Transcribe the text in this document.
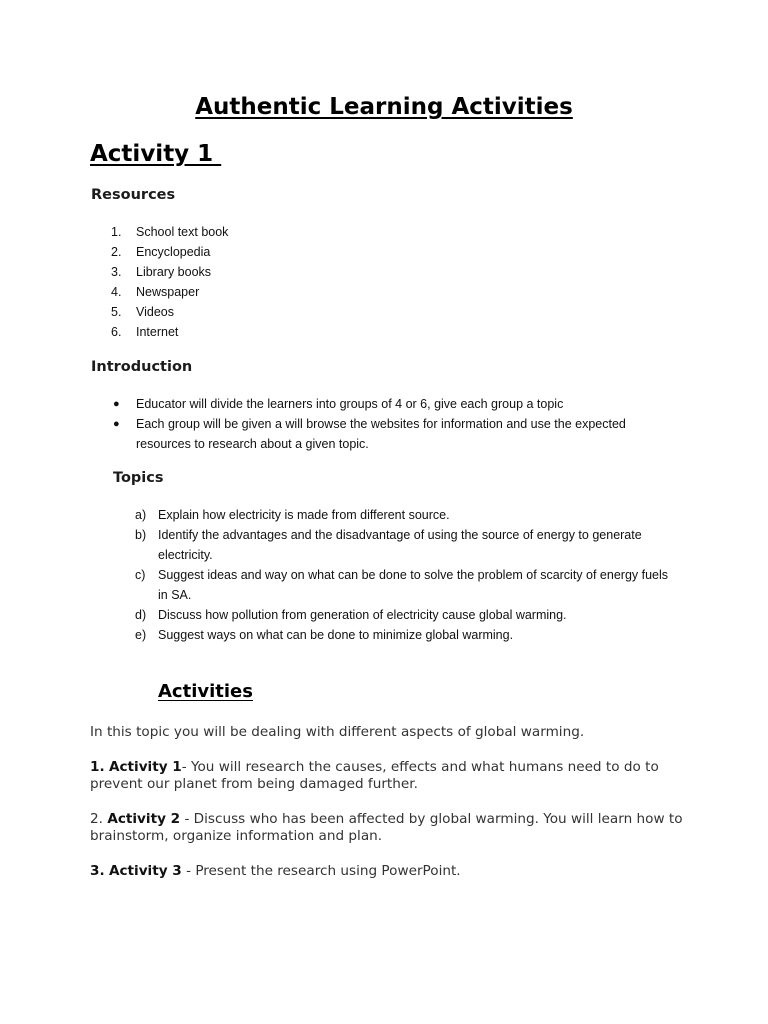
Authentic Learning Activities
Activity 1
Resources
1.	School text book
2.	Encyclopedia
3.	Library books
4.	Newspaper
5.	Videos
6.	Internet
Introduction
●	Educator will divide the learners into groups of 4 or 6, give each group a topic
●	Each group will be given a will browse the websites for information and use the expected resources to research about a given topic.
Topics
a) Explain how electricity is made from different source.
b) Identify the advantages and the disadvantage of using the source of energy to generate electricity.
c)	Suggest ideas and way on what can be done to solve the problem of scarcity of energy fuels in SA.
d) Discuss how pollution from generation of electricity cause global warming.
e) Suggest ways on what can be done to minimize global warming.
Activities

In this topic you will be dealing with different aspects of global warming.

1. Activity 1- You will research the causes, effects and what humans need to do to prevent our planet from being damaged further.

2. Activity 2 - Discuss who has been affected by global warming. You will learn how to brainstorm, organize information and plan.

3. Activity 3 - Present the research using PowerPoint.
